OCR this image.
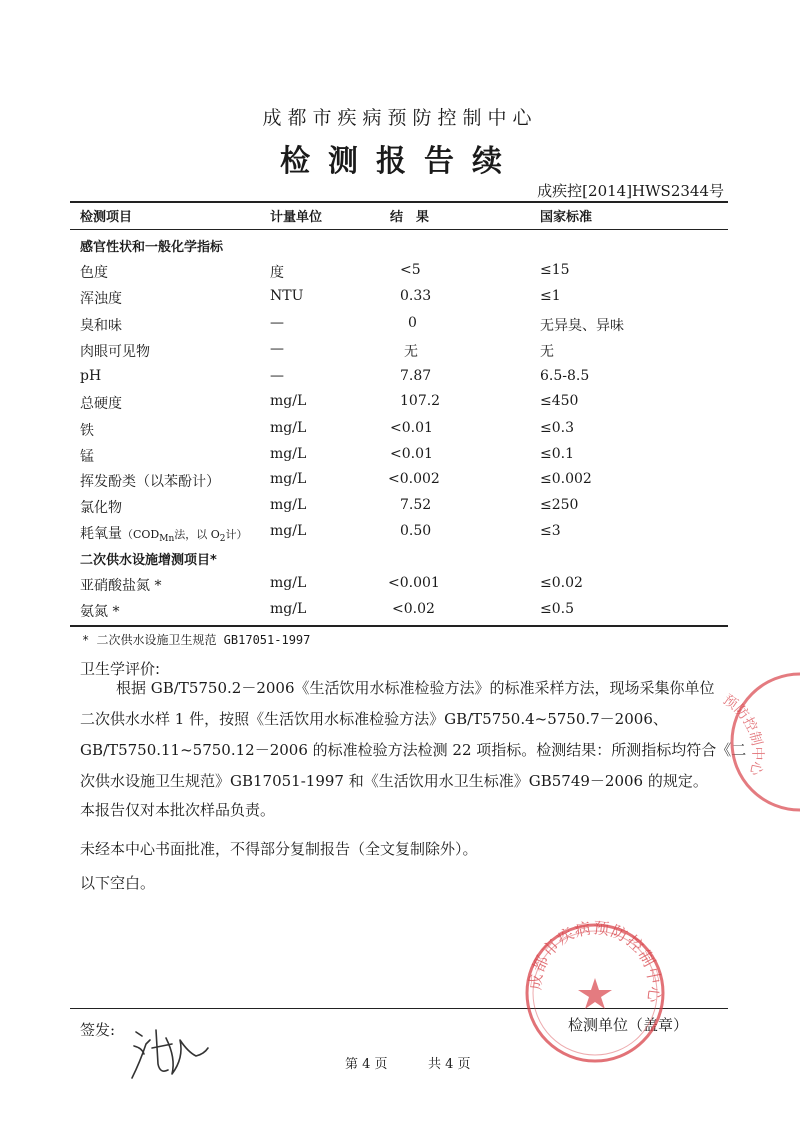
成都市疾病预防控制中心
检测报告续
成疾控[2014]HWS2344号
检测项目	计量单位	结　果	国家标准
感官性状和一般化学指标
色度	度	<5	≤15
浑浊度	NTU	0.33	≤1
臭和味	—	0	无异臭、异味
肉眼可见物	—	无	无
pH	—	7.87	6.5-8.5
总硬度	mg/L	107.2	≤450
铁	mg/L	<0.01	≤0.3
锰	mg/L	<0.01	≤0.1
挥发酚类（以苯酚计）	mg/L	<0.002	≤0.002
氯化物	mg/L	7.52	≤250
耗氧量（$COD_{Mn}$法，以 $O_2$计） mg/L	0.50	≤3
二次供水设施增测项目*
亚硝酸盐氮 *	mg/L	<0.001	≤0.02
氨氮 *	mg/L	<0.02	≤0.5
* 二次供水设施卫生规范 GB17051-1997
卫生学评价:
根据 GB/T5750.2－2006《生活饮用水标准检验方法》的标准采样方法，现场采集你单位
二次供水水样 1 件，按照《生活饮用水标准检验方法》GB/T5750.4~5750.7－2006、
GB/T5750.11~5750.12－2006 的标准检验方法检测 22 项指标。检测结果：所测指标均符合《二
次供水设施卫生规范》GB17051-1997 和《生活饮用水卫生标准》GB5749－2006 的规定。
本报告仅对本批次样品负责。
未经本中心书面批准，不得部分复制报告（全文复制除外）。
以下空白。
签发:	检测单位（盖章）
第 4 页	共 4 页
成都市疾病预防控制中心
预防控制中心
